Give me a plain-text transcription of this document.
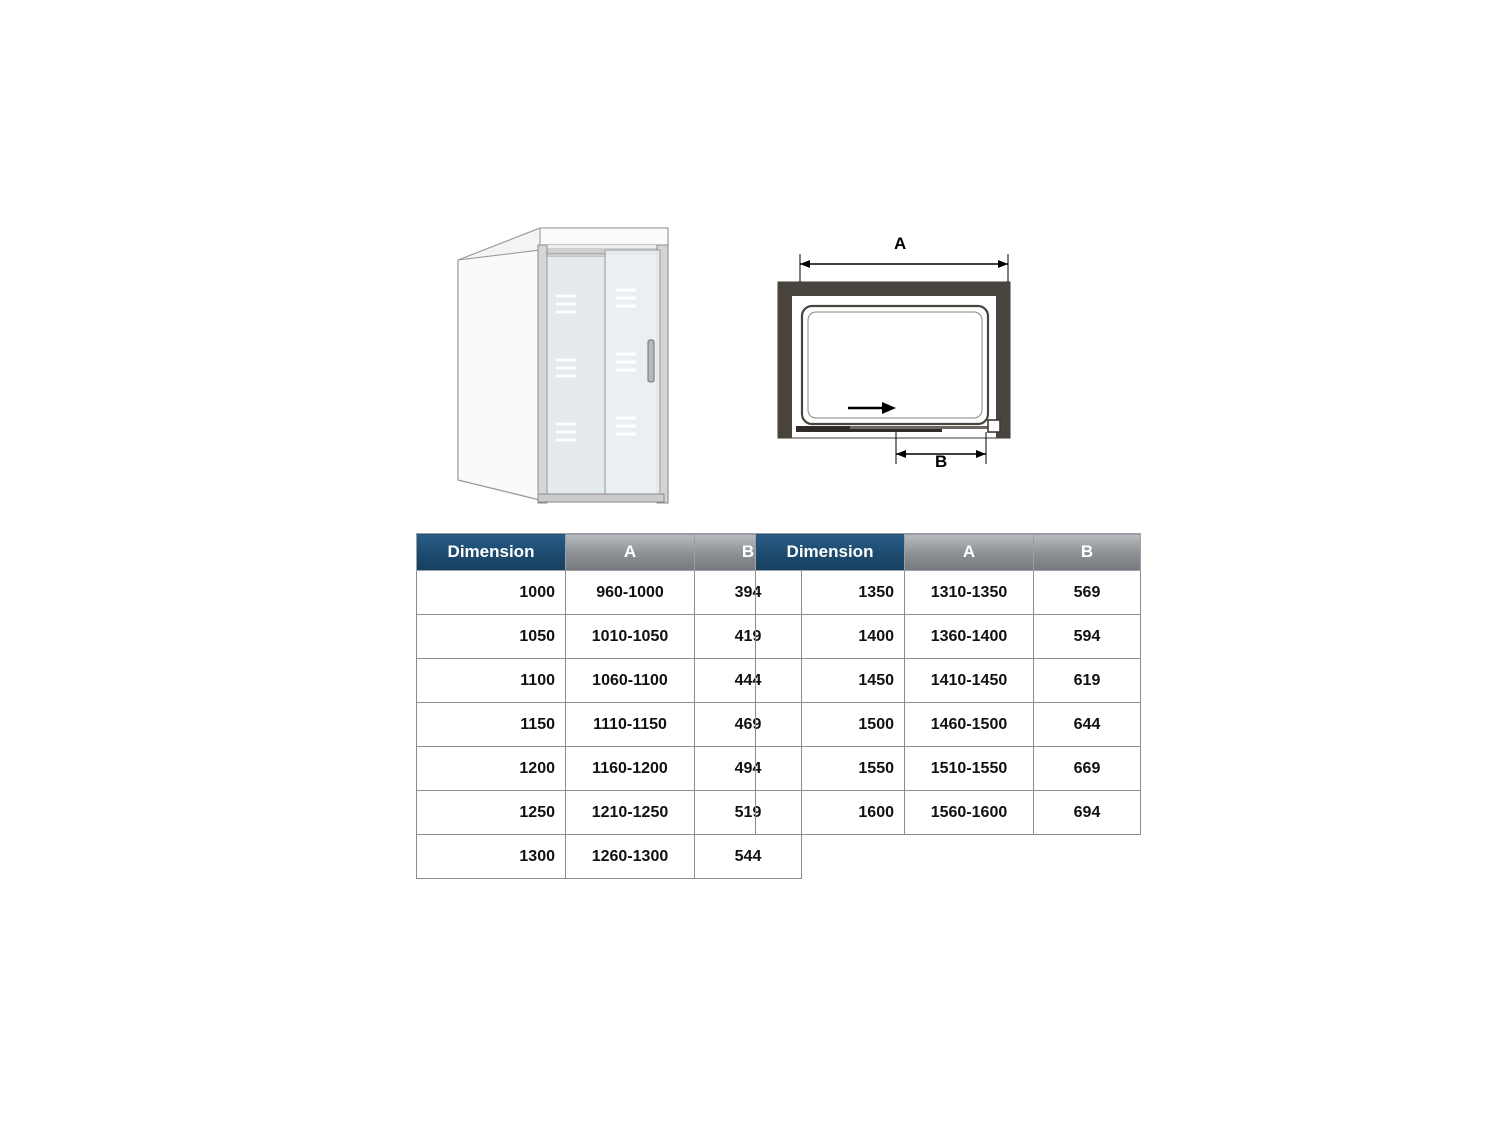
A
B
Dimension	A	B
1000	960-1000	394
1050	1010-1050	419
1100	1060-1100	444
1150	1110-1150	469
1200	1160-1200	494
1250	1210-1250	519
1300	1260-1300	544
Dimension	A	B
1350	1310-1350	569
1400	1360-1400	594
1450	1410-1450	619
1500	1460-1500	644
1550	1510-1550	669
1600	1560-1600	694
